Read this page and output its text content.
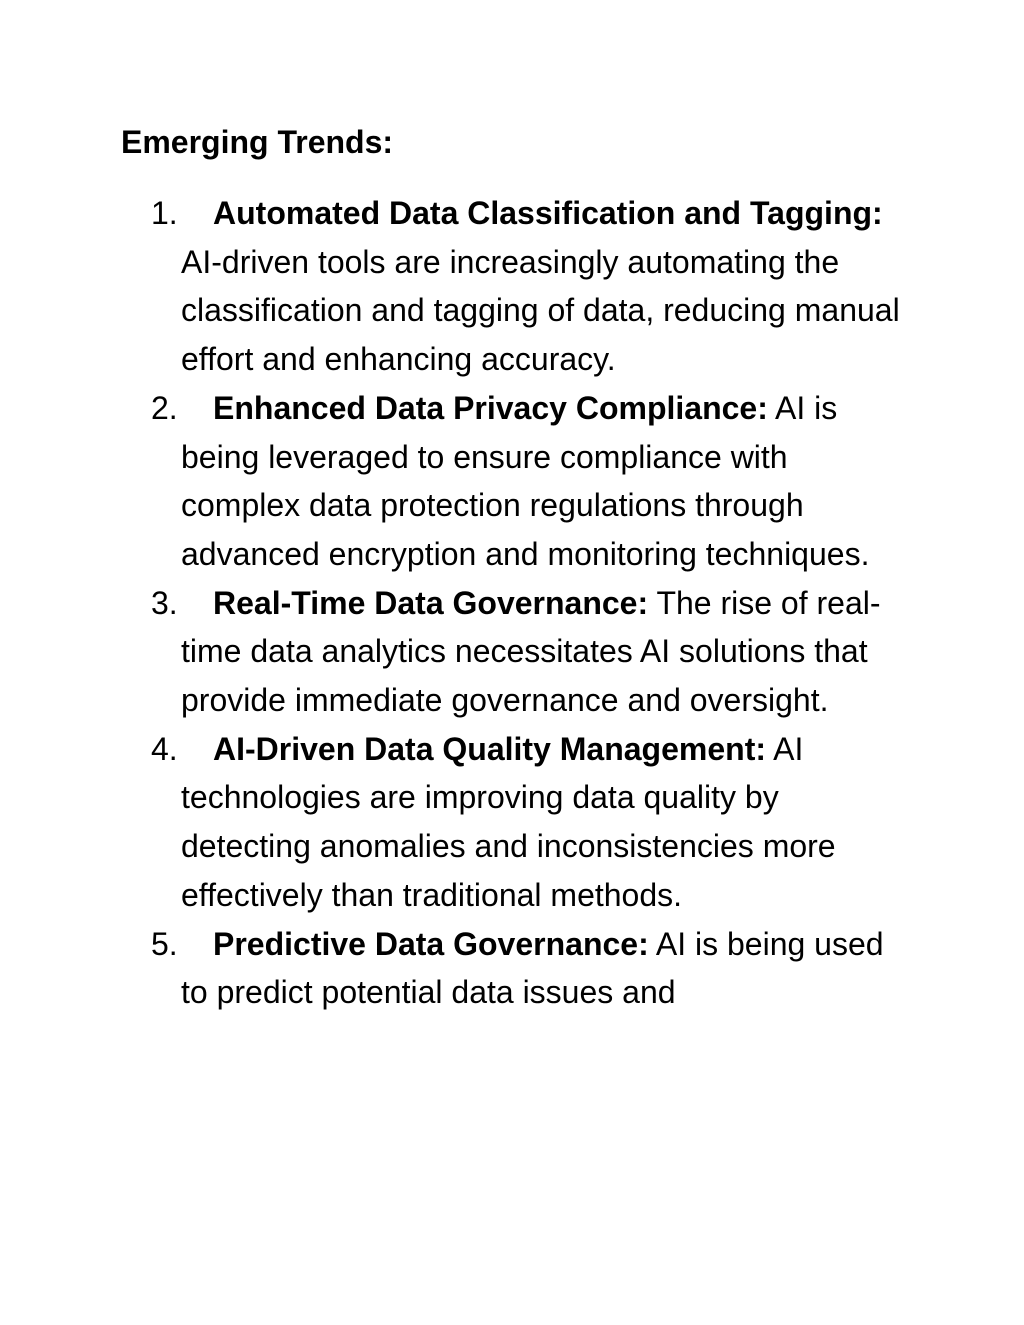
Emerging Trends:
1. Automated Data Classification and Tagging: AI-driven tools are increasingly automating the classification and tagging of data, reducing manual effort and enhancing accuracy.
2. Enhanced Data Privacy Compliance: AI is being leveraged to ensure compliance with complex data protection regulations through advanced encryption and monitoring techniques.
3. Real-Time Data Governance: The rise of real-time data analytics necessitates AI solutions that provide immediate governance and oversight.
4. AI-Driven Data Quality Management: AI technologies are improving data quality by detecting anomalies and inconsistencies more effectively than traditional methods.
5. Predictive Data Governance: AI is being used to predict potential data issues and
